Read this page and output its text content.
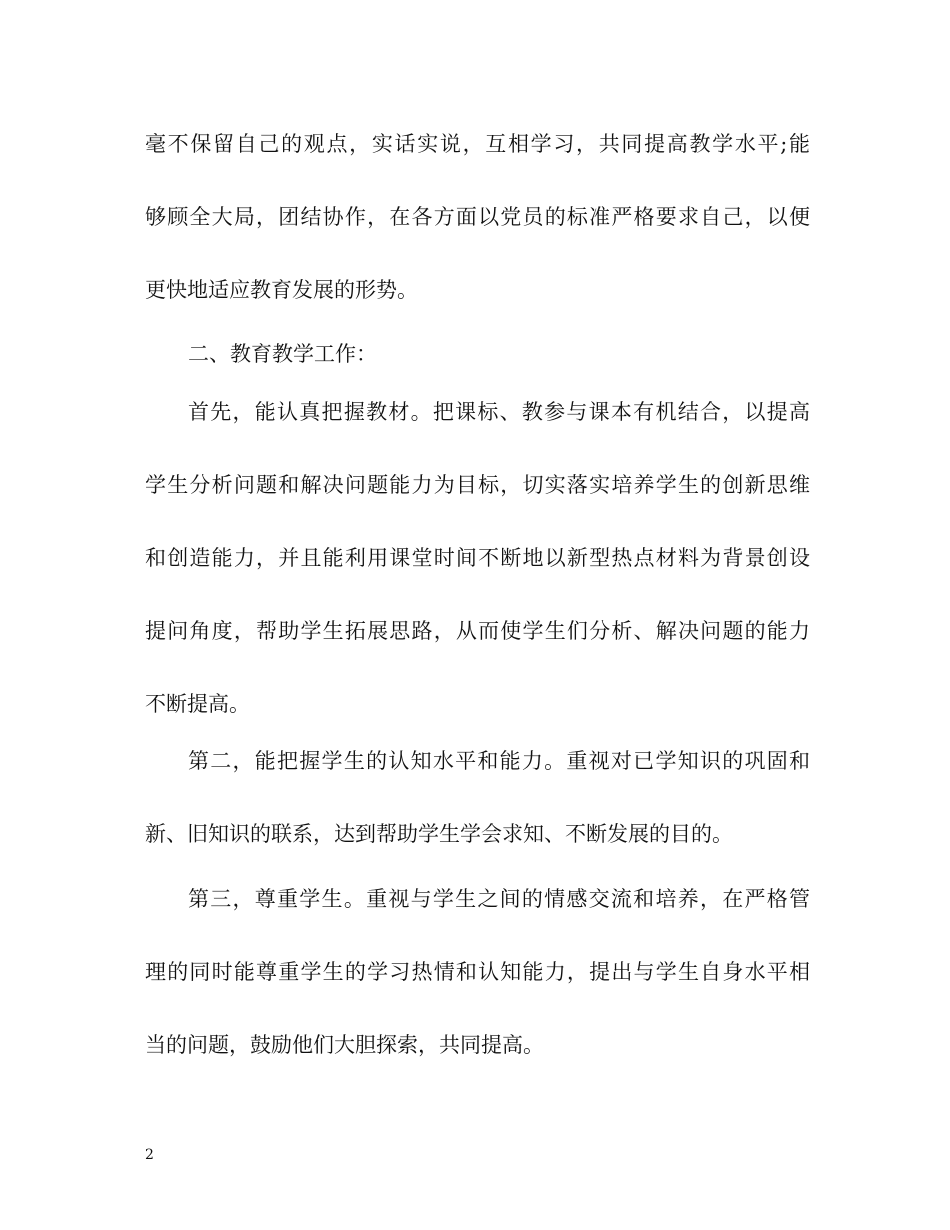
毫不保留自己的观点，实话实说，互相学习，共同提高教学水平;能
够顾全大局，团结协作，在各方面以党员的标准严格要求自己，以便
更快地适应教育发展的形势。
二、教育教学工作：
首先，能认真把握教材。把课标、教参与课本有机结合，以提高
学生分析问题和解决问题能力为目标，切实落实培养学生的创新思维
和创造能力，并且能利用课堂时间不断地以新型热点材料为背景创设
提问角度，帮助学生拓展思路，从而使学生们分析、解决问题的能力
不断提高。
第二，能把握学生的认知水平和能力。重视对已学知识的巩固和
新、旧知识的联系，达到帮助学生学会求知、不断发展的目的。
第三，尊重学生。重视与学生之间的情感交流和培养，在严格管
理的同时能尊重学生的学习热情和认知能力，提出与学生自身水平相
当的问题，鼓励他们大胆探索，共同提高。
2
